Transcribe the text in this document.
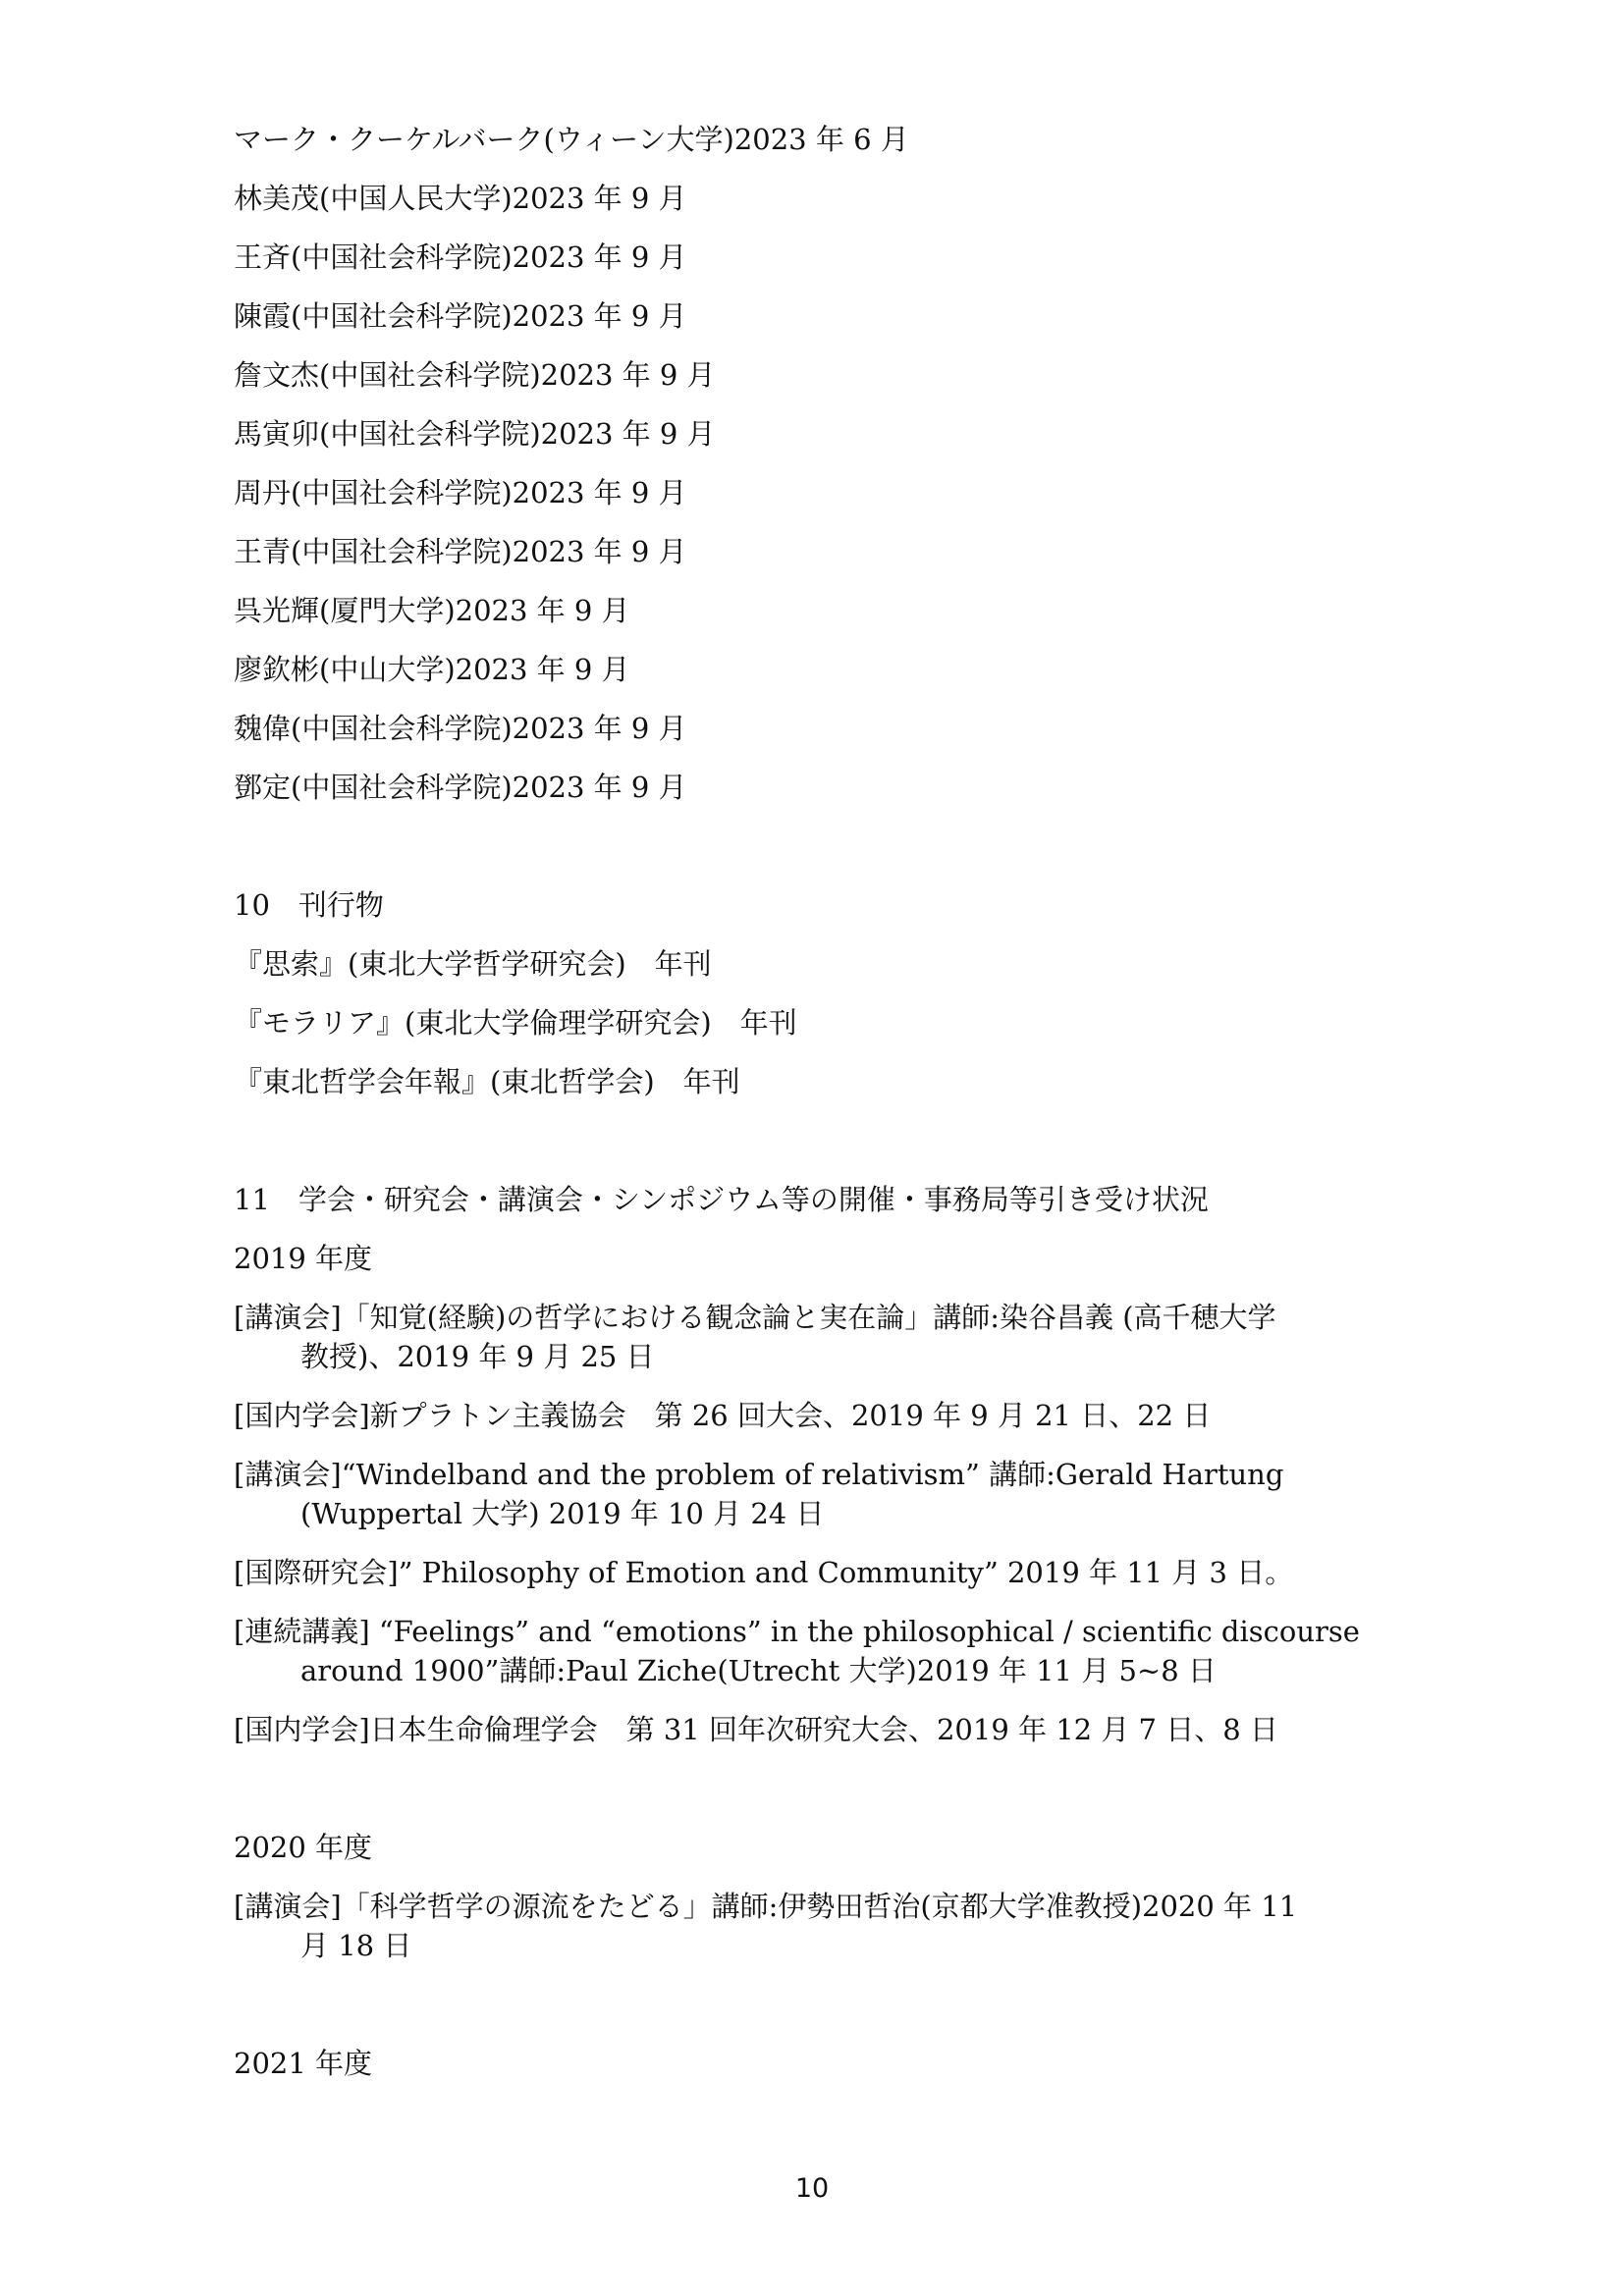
マーク・クーケルバーク(ウィーン大学)2023 年 6 月
林美茂(中国人民大学)2023 年 9 月
王斉(中国社会科学院)2023 年 9 月
陳霞(中国社会科学院)2023 年 9 月
詹文杰(中国社会科学院)2023 年 9 月
馬寅卯(中国社会科学院)2023 年 9 月
周丹(中国社会科学院)2023 年 9 月
王青(中国社会科学院)2023 年 9 月
呉光輝(厦門大学)2023 年 9 月
廖欽彬(中山大学)2023 年 9 月
魏偉(中国社会科学院)2023 年 9 月
鄧定(中国社会科学院)2023 年 9 月
10　刊行物
『思索』(東北大学哲学研究会)　年刊
『モラリア』(東北大学倫理学研究会)　年刊
『東北哲学会年報』(東北哲学会)　年刊
11　学会・研究会・講演会・シンポジウム等の開催・事務局等引き受け状況
2019 年度
[講演会]「知覚(経験)の哲学における観念論と実在論」講師:染谷昌義 (高千穂大学
教授)、2019 年 9 月 25 日
[国内学会]新プラトン主義協会　第 26 回大会、2019 年 9 月 21 日、22 日
[講演会]“Windelband and the problem of relativism” 講師:Gerald Hartung
(Wuppertal 大学) 2019 年 10 月 24 日
[国際研究会]” Philosophy of Emotion and Community” 2019 年 11 月 3 日。
[連続講義] “Feelings” and “emotions” in the philosophical / scientific discourse
around 1900”講師:Paul Ziche(Utrecht 大学)2019 年 11 月 5~8 日
[国内学会]日本生命倫理学会　第 31 回年次研究大会、2019 年 12 月 7 日、8 日
2020 年度
[講演会]「科学哲学の源流をたどる」講師:伊勢田哲治(京都大学准教授)2020 年 11
月 18 日
2021 年度
10
